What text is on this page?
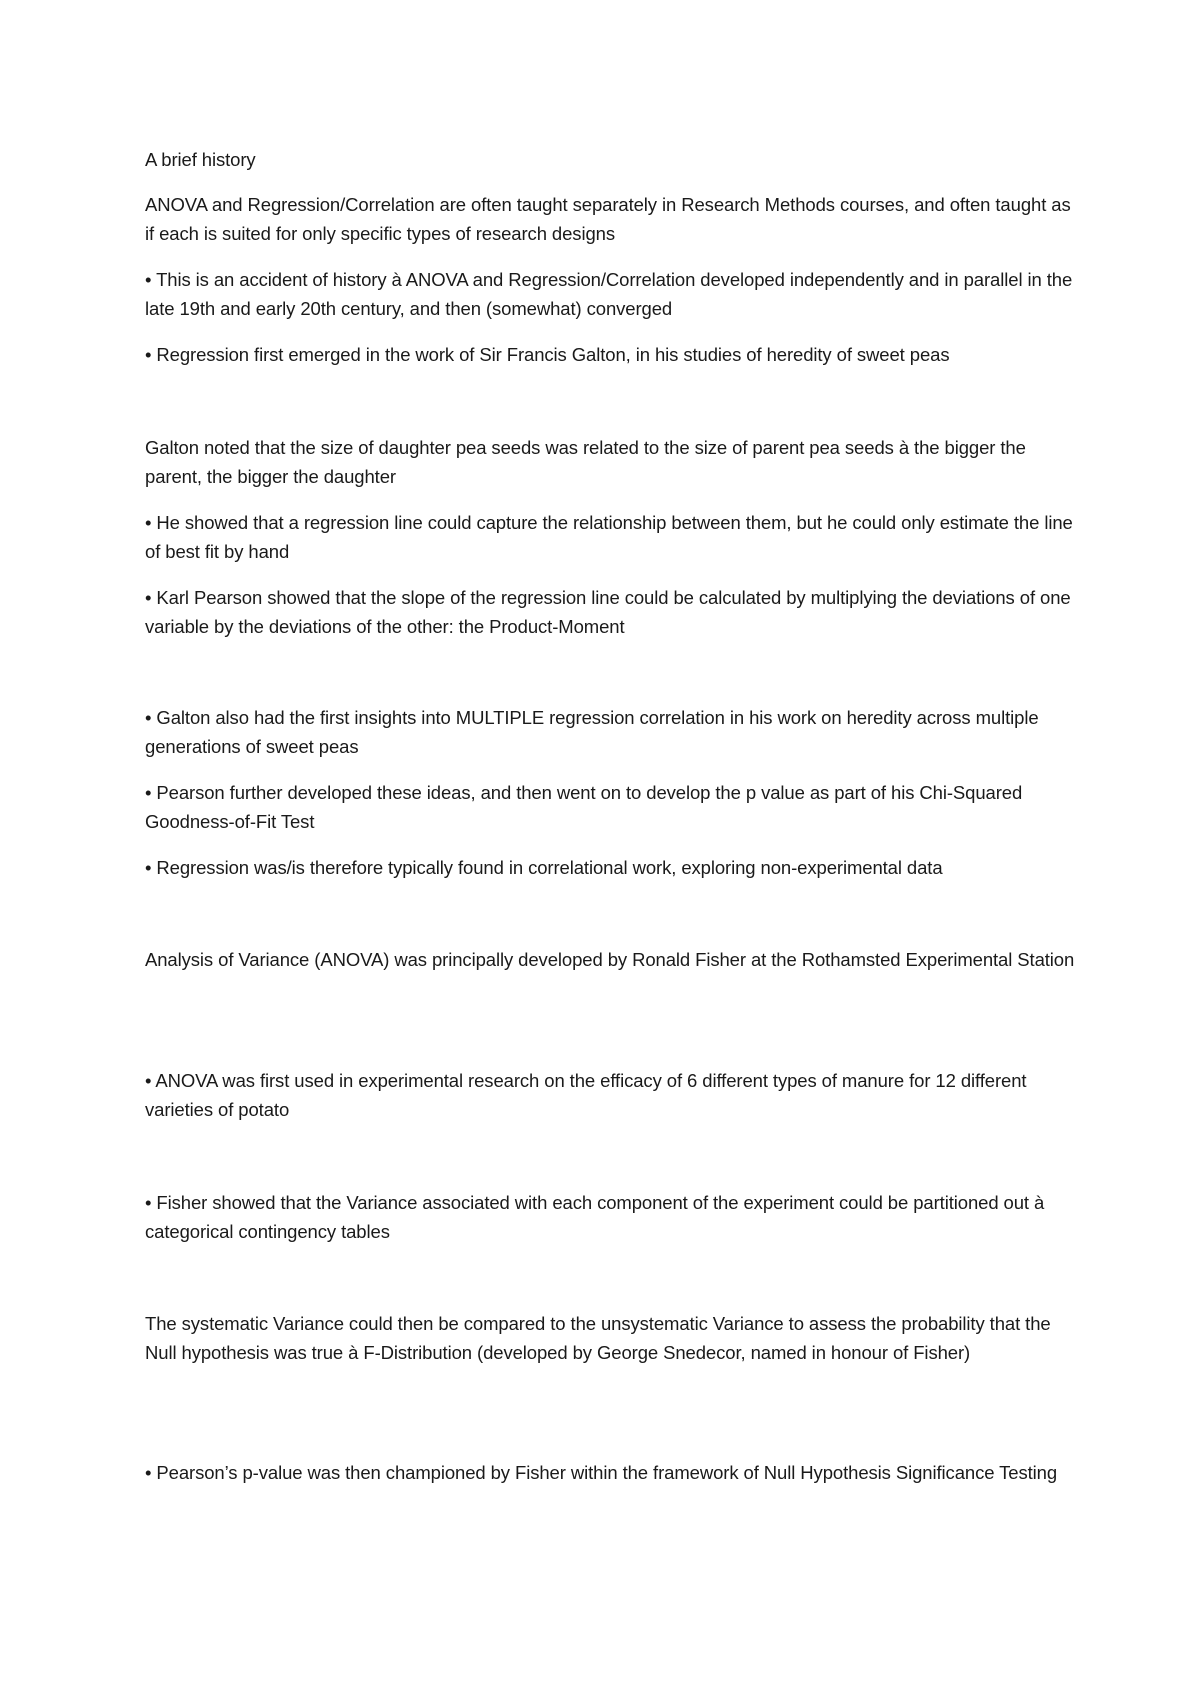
A brief history

ANOVA and Regression/Correlation are often taught separately in Research Methods courses, and often taught as if each is suited for only specific types of research designs

• This is an accident of history à ANOVA and Regression/Correlation developed independently and in parallel in the late 19th and early 20th century, and then (somewhat) converged

• Regression first emerged in the work of Sir Francis Galton, in his studies of heredity of sweet peas

Galton noted that the size of daughter pea seeds was related to the size of parent pea seeds à the bigger the parent, the bigger the daughter

• He showed that a regression line could capture the relationship between them, but he could only estimate the line of best fit by hand

• Karl Pearson showed that the slope of the regression line could be calculated by multiplying the deviations of one variable by the deviations of the other: the Product-Moment

• Galton also had the first insights into MULTIPLE regression correlation in his work on heredity across multiple generations of sweet peas

• Pearson further developed these ideas, and then went on to develop the p value as part of his Chi-Squared Goodness-of-Fit Test

• Regression was/is therefore typically found in correlational work, exploring non-experimental data

Analysis of Variance (ANOVA) was principally developed by Ronald Fisher at the Rothamsted Experimental Station

• ANOVA was first used in experimental research on the efficacy of 6 different types of manure for 12 different varieties of potato

• Fisher showed that the Variance associated with each component of the experiment could be partitioned out à categorical contingency tables

The systematic Variance could then be compared to the unsystematic Variance to assess the probability that the Null hypothesis was true à F-Distribution (developed by George Snedecor, named in honour of Fisher)

• Pearson’s p-value was then championed by Fisher within the framework of Null Hypothesis Significance Testing
